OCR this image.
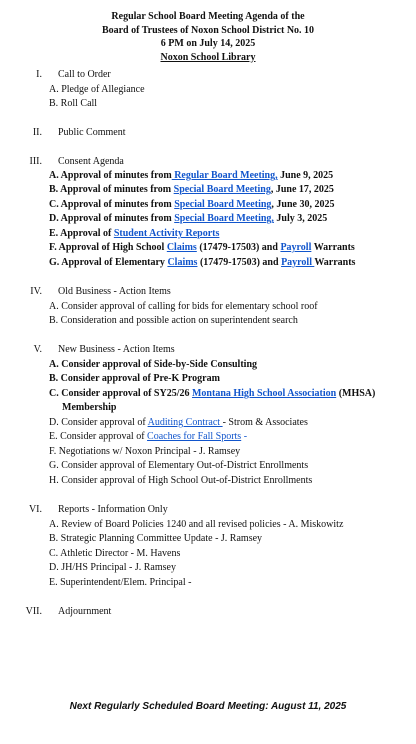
Regular School Board Meeting Agenda of the
Board of Trustees of Noxon School District No. 10
6 PM on July 14, 2025
Noxon School Library
I. Call to Order
A. Pledge of Allegiance
B. Roll Call
II. Public Comment
III. Consent Agenda
A. Approval of minutes from Regular Board Meeting, June 9, 2025
B. Approval of minutes from Special Board Meeting, June 17, 2025
C. Approval of minutes from Special Board Meeting, June 30, 2025
D. Approval of minutes from Special Board Meeting, July 3, 2025
E. Approval of Student Activity Reports
F. Approval of High School Claims (17479-17503) and Payroll Warrants
G. Approval of Elementary Claims (17479-17503) and Payroll Warrants
IV. Old Business - Action Items
A. Consider approval of calling for bids for elementary school roof
B. Consideration and possible action on superintendent search
V. New Business - Action Items
A. Consider approval of Side-by-Side Consulting
B. Consider approval of Pre-K Program
C. Consider approval of SY25/26 Montana High School Association (MHSA)
Membership
D. Consider approval of Auditing Contract - Strom & Associates
E. Consider approval of Coaches for Fall Sports -
F. Negotiations w/ Noxon Principal - J. Ramsey
G. Consider approval of Elementary Out-of-District Enrollments
H. Consider approval of High School Out-of-District Enrollments
VI. Reports - Information Only
A. Review of Board Policies 1240 and all revised policies - A. Miskowitz
B. Strategic Planning Committee Update - J. Ramsey
C. Athletic Director - M. Havens
D. JH/HS Principal - J. Ramsey
E. Superintendent/Elem. Principal -
VII. Adjournment
Next Regularly Scheduled Board Meeting: August 11, 2025
